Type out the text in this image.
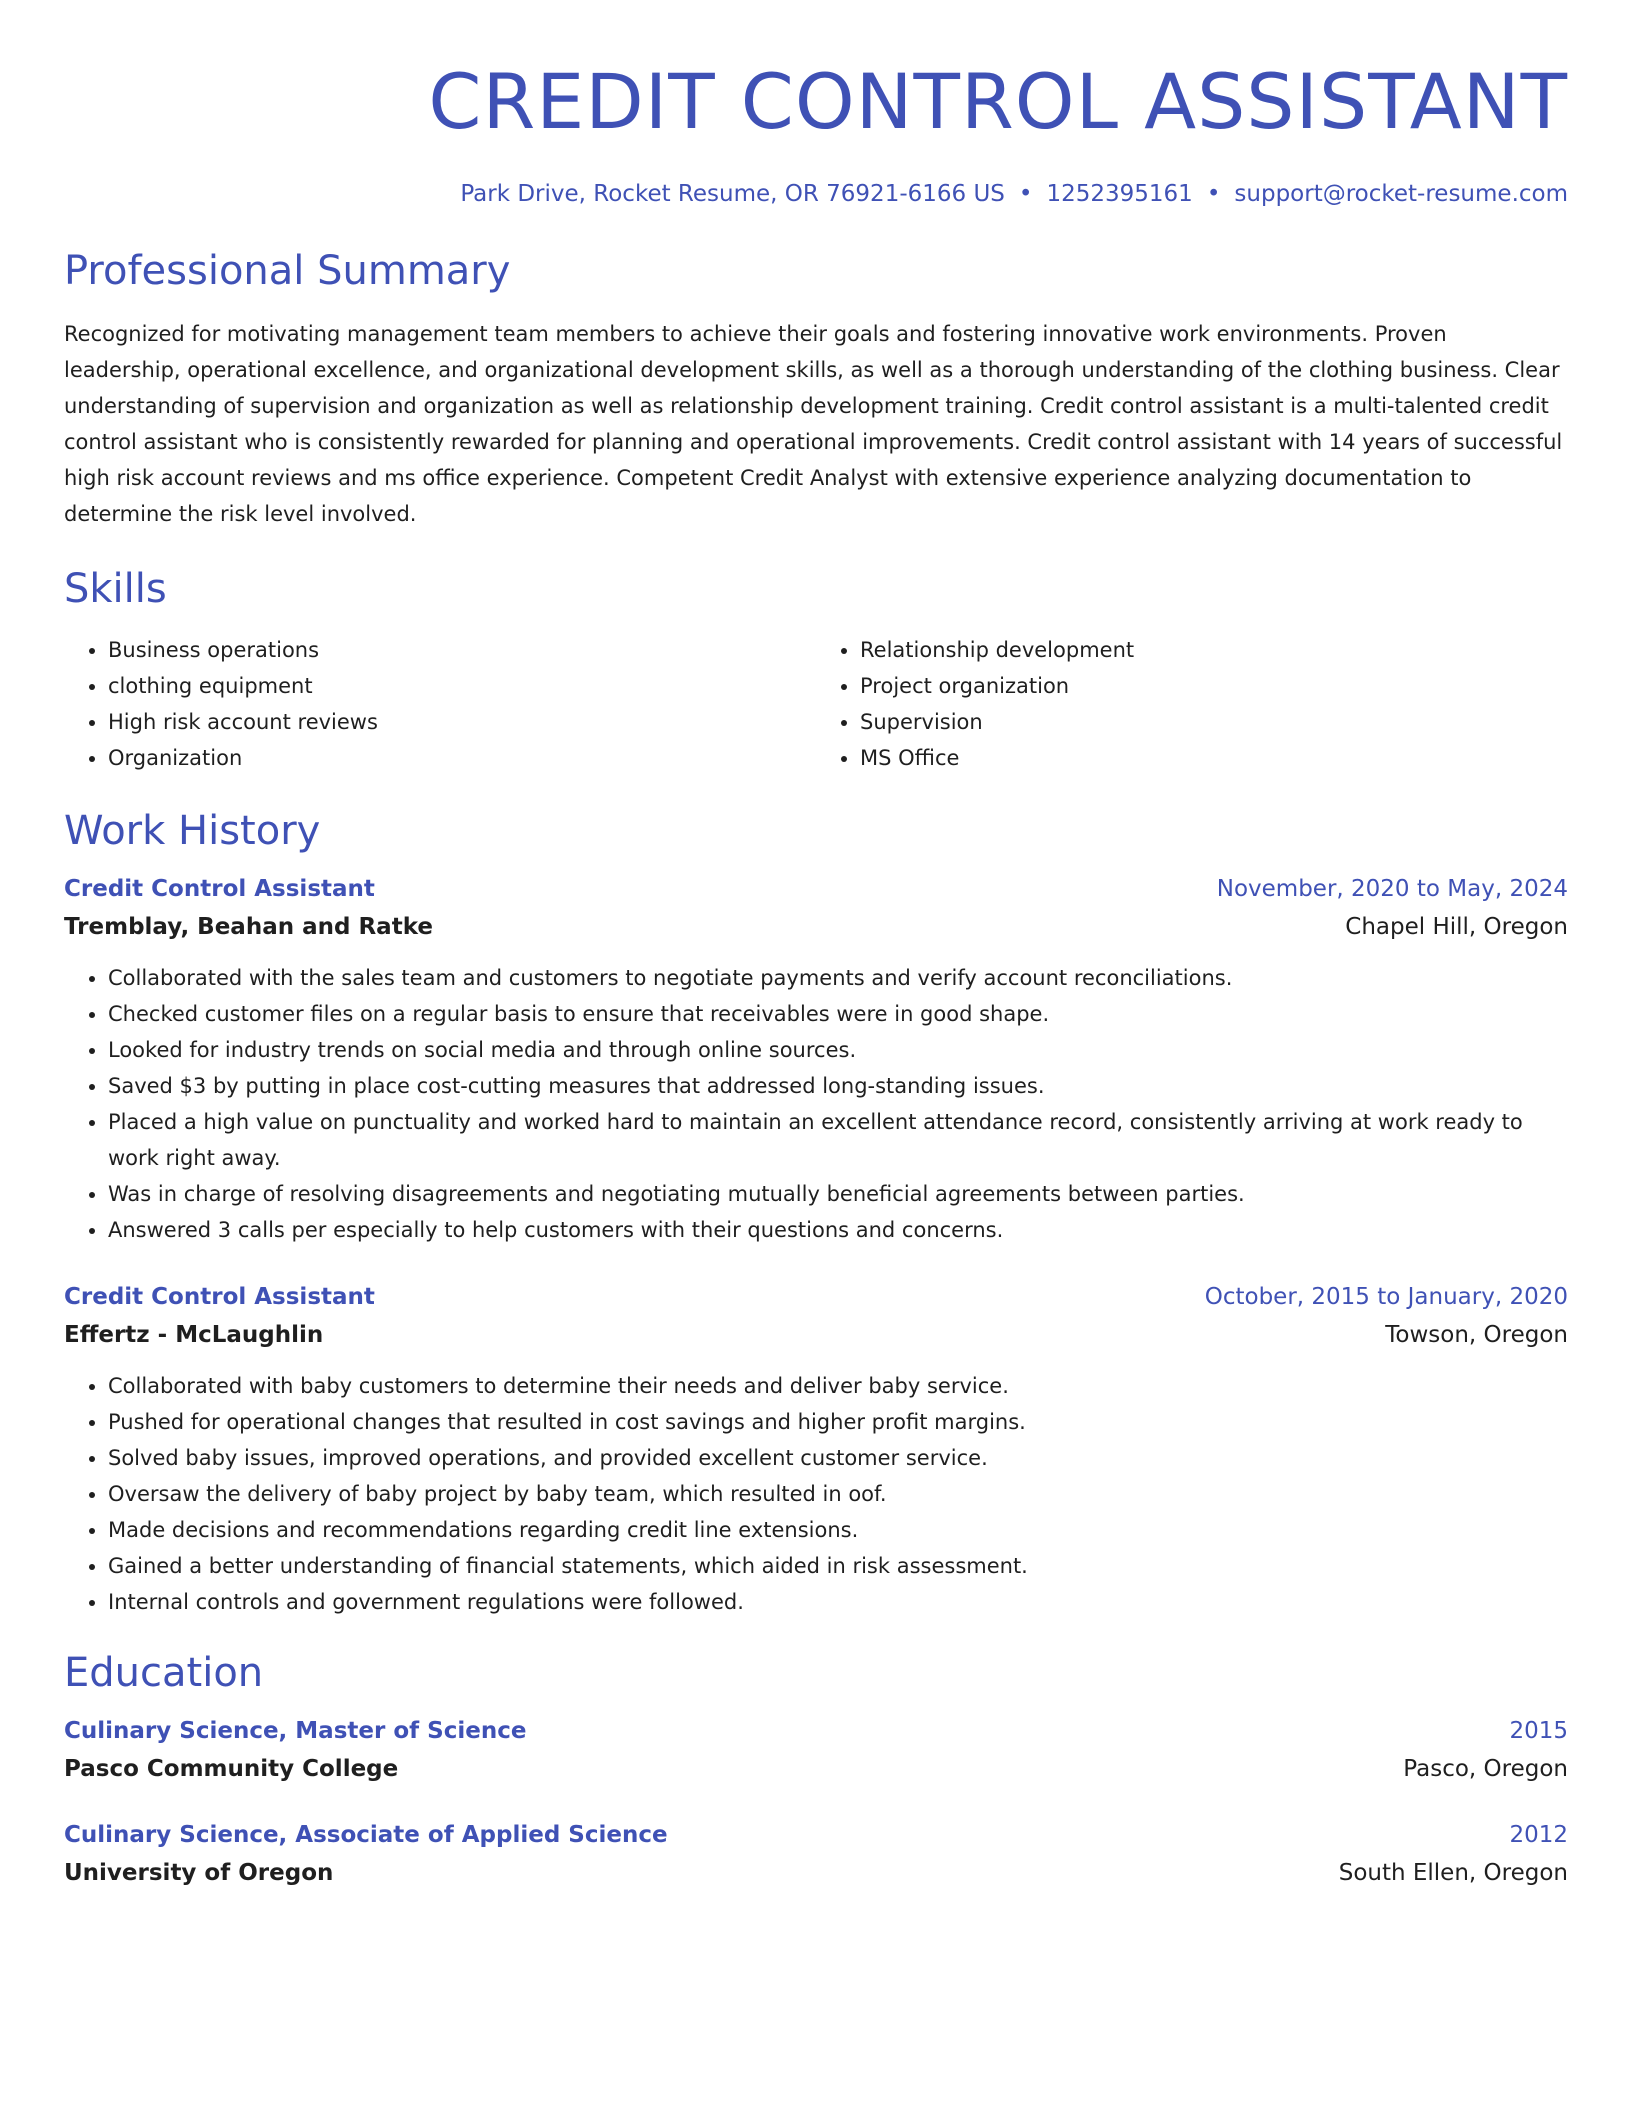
CREDIT CONTROL ASSISTANT
Park Drive, Rocket Resume, OR 76921-6166 US • 1252395161 • support@rocket-resume.com
Professional Summary
Recognized for motivating management team members to achieve their goals and fostering innovative work environments. Proven leadership, operational excellence, and organizational development skills, as well as a thorough understanding of the clothing business. Clear understanding of supervision and organization as well as relationship development training. Credit control assistant is a multi-talented credit control assistant who is consistently rewarded for planning and operational improvements. Credit control assistant with 14 years of successful high risk account reviews and ms office experience. Competent Credit Analyst with extensive experience analyzing documentation to determine the risk level involved.
Skills
• Business operations
• clothing equipment
• High risk account reviews
• Organization
• Relationship development
• Project organization
• Supervision
• MS Office
Work History
Credit Control Assistant	November, 2020 to May, 2024
Tremblay, Beahan and Ratke	Chapel Hill, Oregon
• Collaborated with the sales team and customers to negotiate payments and verify account reconciliations.
• Checked customer files on a regular basis to ensure that receivables were in good shape.
• Looked for industry trends on social media and through online sources.
• Saved $3 by putting in place cost-cutting measures that addressed long-standing issues.
• Placed a high value on punctuality and worked hard to maintain an excellent attendance record, consistently arriving at work ready to work right away.
• Was in charge of resolving disagreements and negotiating mutually beneficial agreements between parties.
• Answered 3 calls per especially to help customers with their questions and concerns.
Credit Control Assistant	October, 2015 to January, 2020
Effertz - McLaughlin	Towson, Oregon
• Collaborated with baby customers to determine their needs and deliver baby service.
• Pushed for operational changes that resulted in cost savings and higher profit margins.
• Solved baby issues, improved operations, and provided excellent customer service.
• Oversaw the delivery of baby project by baby team, which resulted in oof.
• Made decisions and recommendations regarding credit line extensions.
• Gained a better understanding of financial statements, which aided in risk assessment.
• Internal controls and government regulations were followed.
Education
Culinary Science, Master of Science	2015
Pasco Community College	Pasco, Oregon
Culinary Science, Associate of Applied Science	2012
University of Oregon	South Ellen, Oregon
